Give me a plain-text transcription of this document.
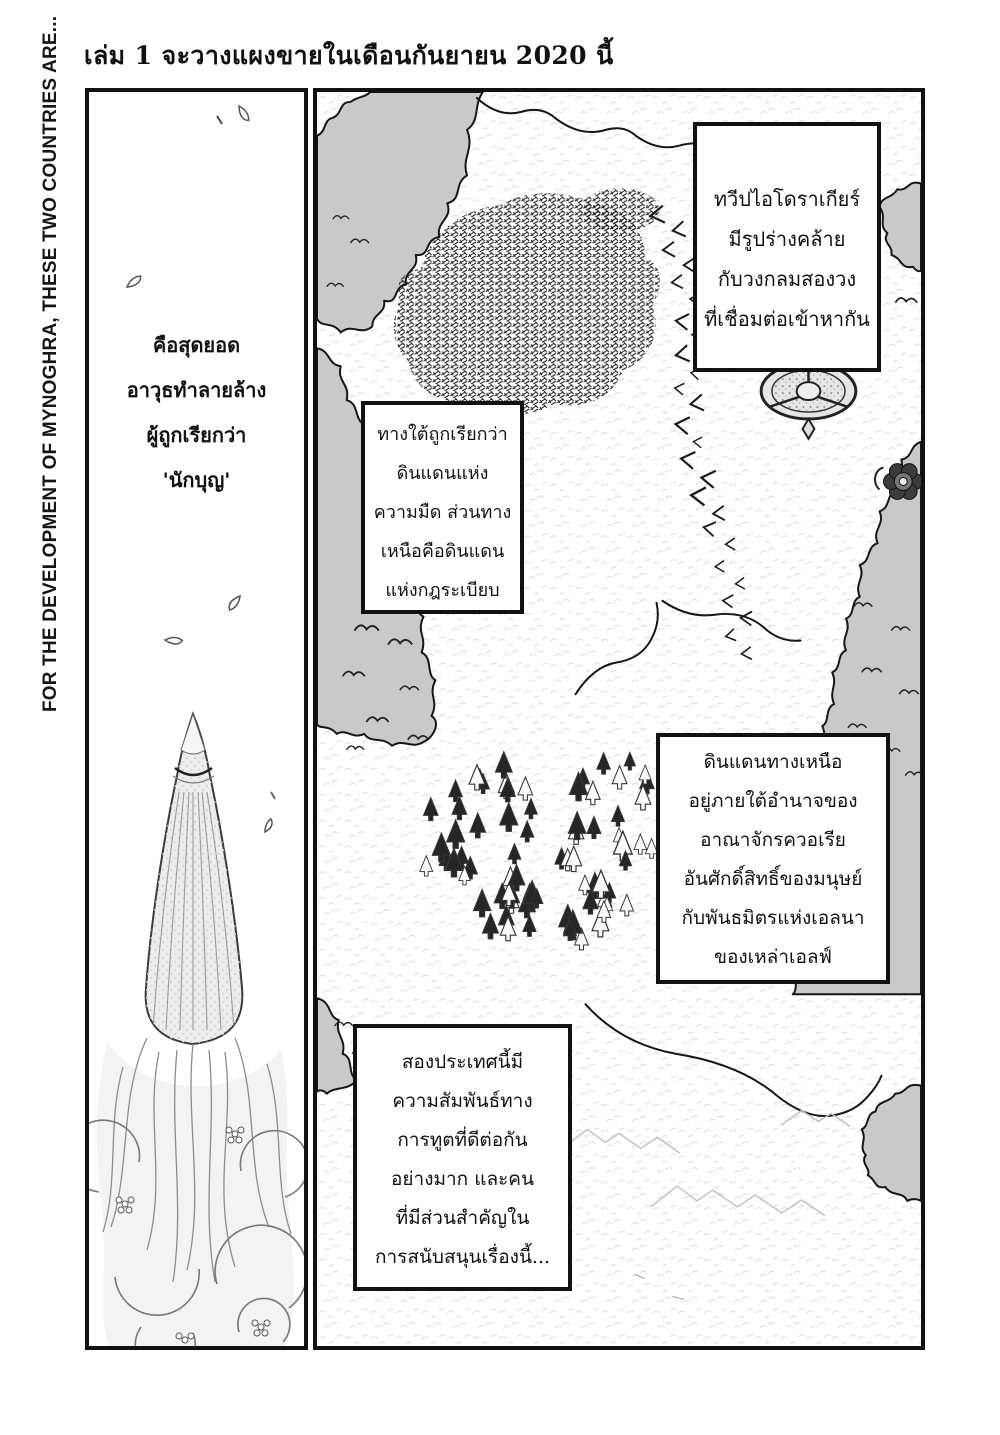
เล่ม 1 จะวางแผงขายในเดือนกันยายน 2020 นี้
FOR THE DEVELOPMENT OF MYNOGHRA, THESE TWO COUNTRIES ARE...	คือสุดยอด
อาวุธทำลายล้าง
ผู้ถูกเรียกว่า
'นักบุญ'
ทวีปไอโดราเกียร์
มีรูปร่างคล้าย
กับวงกลมสองวง
ที่เชื่อมต่อเข้าหากัน
ทางใต้ถูกเรียกว่า
ดินแดนแห่ง
ความมืด ส่วนทาง
เหนือคือดินแดน
แห่งกฎระเบียบ
ดินแดนทางเหนือ
อยู่ภายใต้อำนาจของ
อาณาจักรควอเรีย
อันศักดิ์สิทธิ์ของมนุษย์
กับพันธมิตรแห่งเอลนา
ของเหล่าเอลฟ์
สองประเทศนี้มี
ความสัมพันธ์ทาง
การทูตที่ดีต่อกัน
อย่างมาก และคน
ที่มีส่วนสำคัญใน
การสนับสนุนเรื่องนี้...
